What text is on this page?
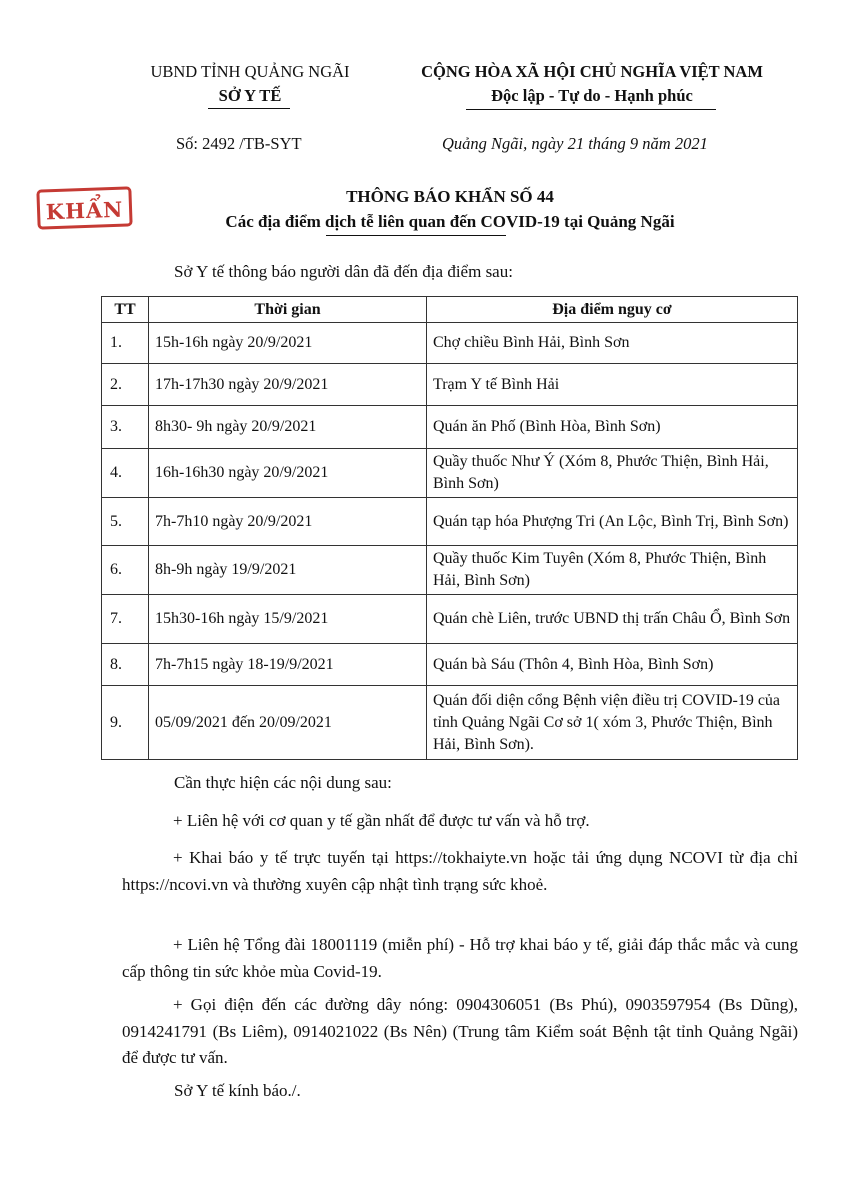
UBND TỈNH QUẢNG NGÃI
SỞ Y TẾ
CỘNG HÒA XÃ HỘI CHỦ NGHĨA VIỆT NAM
Độc lập - Tự do - Hạnh phúc
Số: 2492 /TB-SYT	Quảng Ngãi, ngày 21 tháng 9 năm 2021
KHẨN
THÔNG BÁO KHẨN SỐ 44
Các địa điểm dịch tễ liên quan đến COVID-19 tại Quảng Ngãi
Sở Y tế thông báo người dân đã đến địa điểm sau:
TT	Thời gian	Địa điểm nguy cơ
1.	15h-16h ngày 20/9/2021	Chợ chiều Bình Hải, Bình Sơn
2.	17h-17h30 ngày 20/9/2021	Trạm Y tế Bình Hải
3.	8h30- 9h ngày 20/9/2021	Quán ăn Phố (Bình Hòa, Bình Sơn)
4.	16h-16h30 ngày 20/9/2021	Quầy thuốc Như Ý (Xóm 8, Phước Thiện, Bình Hải, Bình Sơn)
5.	7h-7h10 ngày 20/9/2021	Quán tạp hóa Phượng Tri (An Lộc, Bình Trị, Bình Sơn)
6.	8h-9h ngày 19/9/2021	Quầy thuốc Kim Tuyên (Xóm 8, Phước Thiện, Bình Hải, Bình Sơn)
7.	15h30-16h ngày 15/9/2021	Quán chè Liên, trước UBND thị trấn Châu Ổ, Bình Sơn
8.	7h-7h15 ngày 18-19/9/2021	Quán bà Sáu (Thôn 4, Bình Hòa, Bình Sơn)
9.	05/09/2021 đến 20/09/2021	Quán đối diện cổng Bệnh viện điều trị COVID-19 của tỉnh Quảng Ngãi Cơ sở 1( xóm 3, Phước Thiện, Bình Hải, Bình Sơn).
Cần thực hiện các nội dung sau:
+ Liên hệ với cơ quan y tế gần nhất để được tư vấn và hỗ trợ.
+ Khai báo y tế trực tuyến tại https://tokhaiyte.vn hoặc tải ứng dụng NCOVI từ địa chỉ https://ncovi.vn và thường xuyên cập nhật tình trạng sức khoẻ.
+ Liên hệ Tổng đài 18001119 (miễn phí) - Hỗ trợ khai báo y tế, giải đáp thắc mắc và cung cấp thông tin sức khỏe mùa Covid-19.
+ Gọi điện đến các đường dây nóng: 0904306051 (Bs Phú), 0903597954 (Bs Dũng), 0914241791 (Bs Liêm), 0914021022 (Bs Nên) (Trung tâm Kiểm soát Bệnh tật tỉnh Quảng Ngãi) để được tư vấn.
Sở Y tế kính báo./.
